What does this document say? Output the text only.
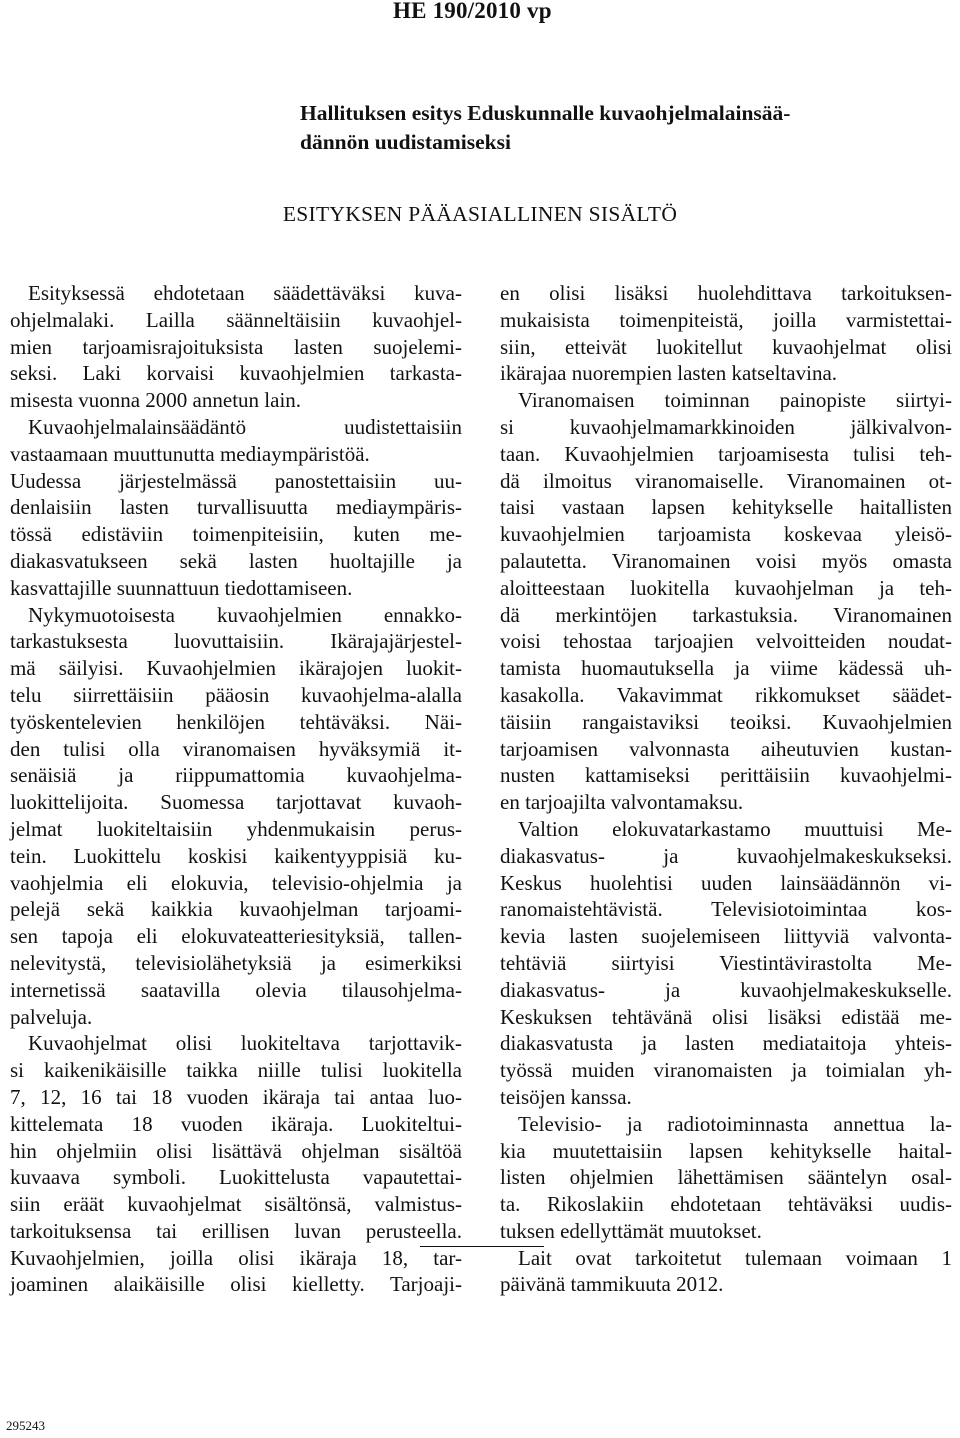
HE 190/2010 vp
Hallituksen esitys Eduskunnalle kuvaohjelmalainsää-
dännön uudistamiseksi
ESITYKSEN PÄÄASIALLINEN SISÄLTÖ
Esityksessä ehdotetaan säädettäväksi kuva-
ohjelmalaki. Lailla säänneltäisiin kuvaohjel-
mien tarjoamisrajoituksista lasten suojelemi-
seksi. Laki korvaisi kuvaohjelmien tarkasta-
misesta vuonna 2000 annetun lain.
Kuvaohjelmalainsäädäntö uudistettaisiin
vastaamaan muuttunutta mediaympäristöä.
Uudessa järjestelmässä panostettaisiin uu-
denlaisiin lasten turvallisuutta mediaympäris-
tössä edistäviin toimenpiteisiin, kuten me-
diakasvatukseen sekä lasten huoltajille ja
kasvattajille suunnattuun tiedottamiseen.
Nykymuotoisesta kuvaohjelmien ennakko-
tarkastuksesta luovuttaisiin. Ikärajajärjestel-
mä säilyisi. Kuvaohjelmien ikärajojen luokit-
telu siirrettäisiin pääosin kuvaohjelma-alalla
työskentelevien henkilöjen tehtäväksi. Näi-
den tulisi olla viranomaisen hyväksymiä it-
senäisiä ja riippumattomia kuvaohjelma-
luokittelijoita. Suomessa tarjottavat kuvaoh-
jelmat luokiteltaisiin yhdenmukaisin perus-
tein. Luokittelu koskisi kaikentyyppisiä ku-
vaohjelmia eli elokuvia, televisio-ohjelmia ja
pelejä sekä kaikkia kuvaohjelman tarjoami-
sen tapoja eli elokuvateatteriesityksiä, tallen-
nelevitystä, televisiolähetyksiä ja esimerkiksi
internetissä saatavilla olevia tilausohjelma-
palveluja.
Kuvaohjelmat olisi luokiteltava tarjottavik-
si kaikenikäisille taikka niille tulisi luokitella
7, 12, 16 tai 18 vuoden ikäraja tai antaa luo-
kittelemata 18 vuoden ikäraja. Luokiteltui-
hin ohjelmiin olisi lisättävä ohjelman sisältöä
kuvaava symboli. Luokittelusta vapautettai-
siin eräät kuvaohjelmat sisältönsä, valmistus-
tarkoituksensa tai erillisen luvan perusteella.
Kuvaohjelmien, joilla olisi ikäraja 18, tar-
joaminen alaikäisille olisi kielletty. Tarjoaji-
en olisi lisäksi huolehdittava tarkoituksen-
mukaisista toimenpiteistä, joilla varmistettai-
siin, etteivät luokitellut kuvaohjelmat olisi
ikärajaa nuorempien lasten katseltavina.
Viranomaisen toiminnan painopiste siirtyi-
si kuvaohjelmamarkkinoiden jälkivalvon-
taan. Kuvaohjelmien tarjoamisesta tulisi teh-
dä ilmoitus viranomaiselle. Viranomainen ot-
taisi vastaan lapsen kehitykselle haitallisten
kuvaohjelmien tarjoamista koskevaa yleisö-
palautetta. Viranomainen voisi myös omasta
aloitteestaan luokitella kuvaohjelman ja teh-
dä merkintöjen tarkastuksia. Viranomainen
voisi tehostaa tarjoajien velvoitteiden noudat-
tamista huomautuksella ja viime kädessä uh-
kasakolla. Vakavimmat rikkomukset säädet-
täisiin rangaistaviksi teoiksi. Kuvaohjelmien
tarjoamisen valvonnasta aiheutuvien kustan-
nusten kattamiseksi perittäisiin kuvaohjelmi-
en tarjoajilta valvontamaksu.
Valtion elokuvatarkastamo muuttuisi Me-
diakasvatus- ja kuvaohjelmakeskukseksi.
Keskus huolehtisi uuden lainsäädännön vi-
ranomaistehtävistä. Televisiotoimintaa kos-
kevia lasten suojelemiseen liittyviä valvonta-
tehtäviä siirtyisi Viestintävirastolta Me-
diakasvatus- ja kuvaohjelmakeskukselle.
Keskuksen tehtävänä olisi lisäksi edistää me-
diakasvatusta ja lasten mediataitoja yhteis-
työssä muiden viranomaisten ja toimialan yh-
teisöjen kanssa.
Televisio- ja radiotoiminnasta annettua la-
kia muutettaisiin lapsen kehitykselle haital-
listen ohjelmien lähettämisen sääntelyn osal-
ta. Rikoslakiin ehdotetaan tehtäväksi uudis-
tuksen edellyttämät muutokset.
Lait ovat tarkoitetut tulemaan voimaan 1
päivänä tammikuuta 2012.
295243
